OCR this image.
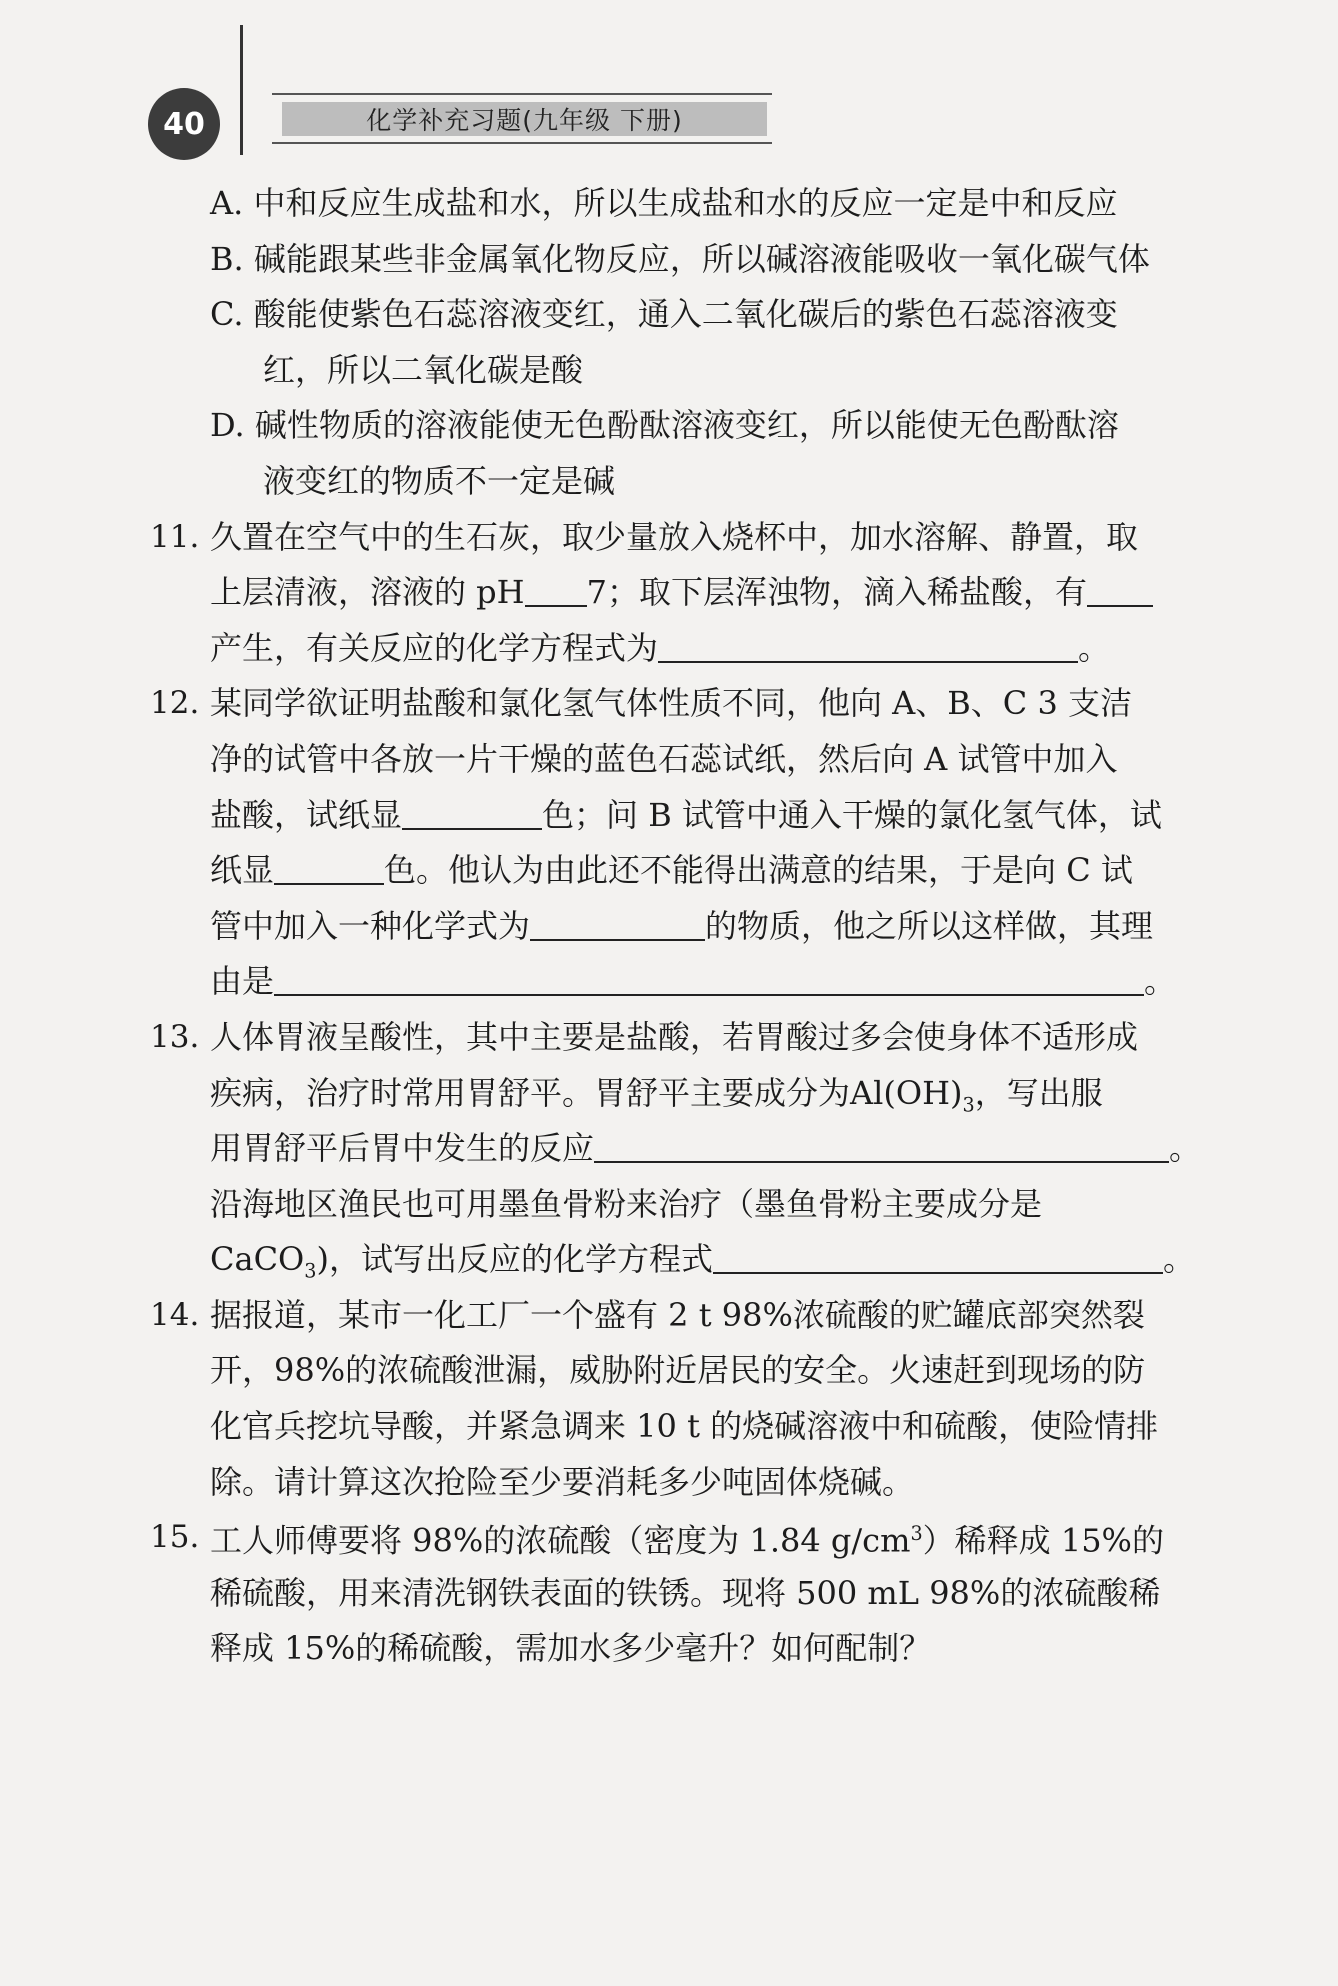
40	化学补充习题(九年级 下册)
A. 中和反应生成盐和水，所以生成盐和水的反应一定是中和反应
B. 碱能跟某些非金属氧化物反应，所以碱溶液能吸收一氧化碳气体
C. 酸能使紫色石蕊溶液变红，通入二氧化碳后的紫色石蕊溶液变
红，所以二氧化碳是酸
D. 碱性物质的溶液能使无色酚酞溶液变红，所以能使无色酚酞溶
液变红的物质不一定是碱
11. 久置在空气中的生石灰，取少量放入烧杯中，加水溶解、静置，取
上层清液，溶液的 pH 7；取下层浑浊物，滴入稀盐酸，有
产生，有关反应的化学方程式为	。
12. 某同学欲证明盐酸和氯化氢气体性质不同，他向 A、B、C 3 支洁
净的试管中各放一片干燥的蓝色石蕊试纸，然后向 A 试管中加入
盐酸，试纸显	色；问 B 试管中通入干燥的氯化氢气体，试
纸显	色。他认为由此还不能得出满意的结果，于是向 C 试
管中加入一种化学式为	的物质，他之所以这样做，其理
由是	。
13. 人体胃液呈酸性，其中主要是盐酸，若胃酸过多会使身体不适形成
疾病，治疗时常用胃舒平。胃舒平主要成分为$Al(OH)_3$，写出服
用胃舒平后胃中发生的反应	。
沿海地区渔民也可用墨鱼骨粉来治疗（墨鱼骨粉主要成分是
CaCO$_3$)，试写出反应的化学方程式	。
14. 据报道，某市一化工厂一个盛有 2 t 98%浓硫酸的贮罐底部突然裂
开，98%的浓硫酸泄漏，威胁附近居民的安全。火速赶到现场的防
化官兵挖坑导酸，并紧急调来 10 t 的烧碱溶液中和硫酸，使险情排
除。请计算这次抢险至少要消耗多少吨固体烧碱。
15. 工人师傅要将 98%的浓硫酸（密度为 1.84 $g/cm^3$）稀释成 15%的
稀硫酸，用来清洗钢铁表面的铁锈。现将 500 mL 98%的浓硫酸稀
释成 15%的稀硫酸，需加水多少毫升？如何配制？
